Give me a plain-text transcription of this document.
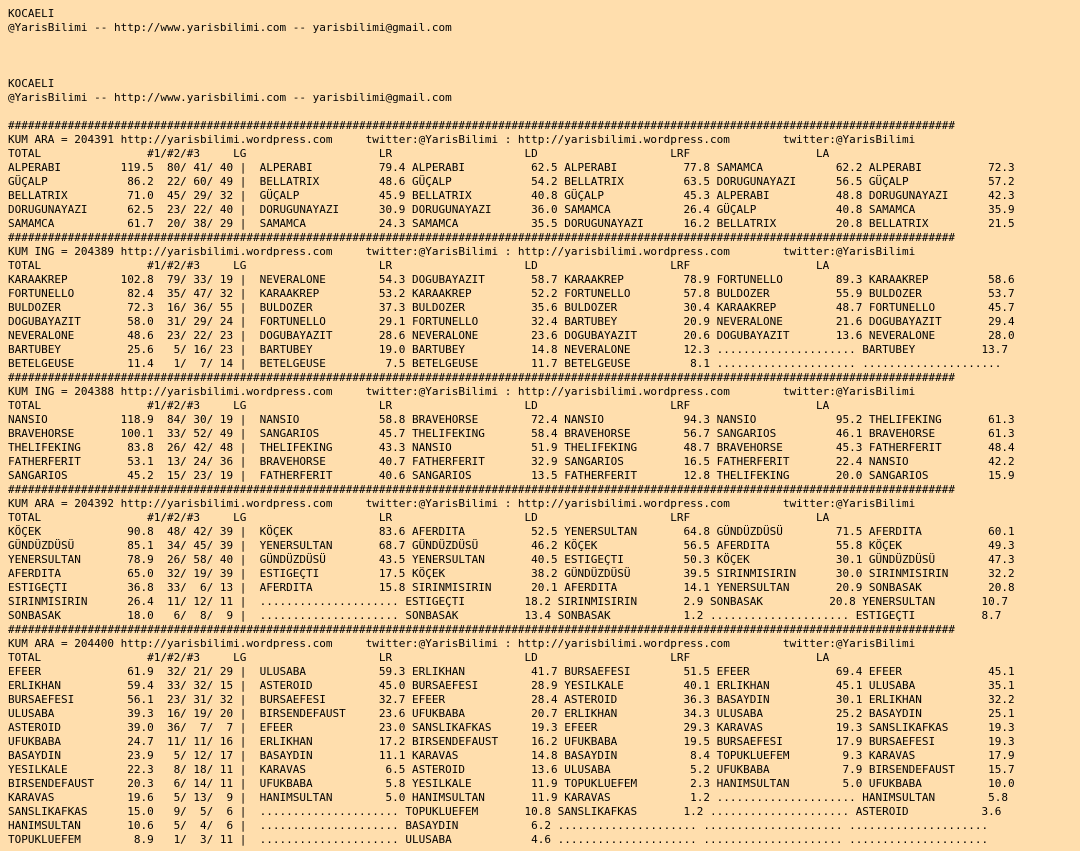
KOCAELI
@YarisBilimi -- http://www.yarisbilimi.com -- yarisbilimi@gmail.com
KOCAELI
@YarisBilimi -- http://www.yarisbilimi.com -- yarisbilimi@gmail.com
###############################################################################################################################################
KUM ARA = 204391 http://yarisbilimi.wordpress.com     twitter:@YarisBilimi : http://yarisbilimi.wordpress.com        twitter:@YarisBilimi
TOTAL                #1/#2/#3     LG                    LR                    LD                    LRF                   LA
ALPERABI         119.5  80/ 41/ 40 |  ALPERABI          79.4 ALPERABI          62.5 ALPERABI          77.8 SAMAMCA           62.2 ALPERABI          72.3
GÜÇALP            86.2  22/ 60/ 49 |  BELLATRIX         48.6 GÜÇALP            54.2 BELLATRIX         63.5 DORUGUNAYAZI      56.5 GÜÇALP            57.2
BELLATRIX         71.0  45/ 29/ 32 |  GÜÇALP            45.9 BELLATRIX         40.8 GÜÇALP            45.3 ALPERABI          48.8 DORUGUNAYAZI      42.3
DORUGUNAYAZI      62.5  23/ 22/ 40 |  DORUGUNAYAZI      30.9 DORUGUNAYAZI      36.0 SAMAMCA           26.4 GÜÇALP            40.8 SAMAMCA           35.9
SAMAMCA           61.7  20/ 38/ 29 |  SAMAMCA           24.3 SAMAMCA           35.5 DORUGUNAYAZI      16.2 BELLATRIX         20.8 BELLATRIX         21.5
###############################################################################################################################################
KUM ING = 204389 http://yarisbilimi.wordpress.com     twitter:@YarisBilimi : http://yarisbilimi.wordpress.com        twitter:@YarisBilimi
TOTAL                #1/#2/#3     LG                    LR                    LD                    LRF                   LA
KARAAKREP        102.8  79/ 33/ 19 |  NEVERALONE        54.3 DOGUBAYAZIT       58.7 KARAAKREP         78.9 FORTUNELLO        89.3 KARAAKREP         58.6
FORTUNELLO        82.4  35/ 47/ 32 |  KARAAKREP         53.2 KARAAKREP         52.2 FORTUNELLO        57.8 BULDOZER          55.9 BULDOZER          53.7
BULDOZER          72.3  16/ 36/ 55 |  BULDOZER          37.3 BULDOZER          35.6 BULDOZER          30.4 KARAAKREP         48.7 FORTUNELLO        45.7
DOGUBAYAZIT       58.0  31/ 29/ 24 |  FORTUNELLO        29.1 FORTUNELLO        32.4 BARTUBEY          20.9 NEVERALONE        21.6 DOGUBAYAZIT       29.4
NEVERALONE        48.6  23/ 22/ 23 |  DOGUBAYAZIT       28.6 NEVERALONE        23.6 DOGUBAYAZIT       20.6 DOGUBAYAZIT       13.6 NEVERALONE        28.0
BARTUBEY          25.6   5/ 16/ 23 |  BARTUBEY          19.0 BARTUBEY          14.8 NEVERALONE        12.3 ..................... BARTUBEY          13.7
BETELGEUSE        11.4   1/  7/ 14 |  BETELGEUSE         7.5 BETELGEUSE        11.7 BETELGEUSE         8.1 ..................... .....................
###############################################################################################################################################
KUM ING = 204388 http://yarisbilimi.wordpress.com     twitter:@YarisBilimi : http://yarisbilimi.wordpress.com        twitter:@YarisBilimi
TOTAL                #1/#2/#3     LG                    LR                    LD                    LRF                   LA
NANSIO           118.9  84/ 30/ 19 |  NANSIO            58.8 BRAVEHORSE        72.4 NANSIO            94.3 NANSIO            95.2 THELIFEKING       61.3
BRAVEHORSE       100.1  33/ 52/ 49 |  SANGARIOS         45.7 THELIFEKING       58.4 BRAVEHORSE        56.7 SANGARIOS         46.1 BRAVEHORSE        61.3
THELIFEKING       83.8  26/ 42/ 48 |  THELIFEKING       43.3 NANSIO            51.9 THELIFEKING       48.7 BRAVEHORSE        45.3 FATHERFERIT       48.4
FATHERFERIT       53.1  13/ 24/ 36 |  BRAVEHORSE        40.7 FATHERFERIT       32.9 SANGARIOS         16.5 FATHERFERIT       22.4 NANSIO            42.2
SANGARIOS         45.2  15/ 23/ 19 |  FATHERFERIT       40.6 SANGARIOS         13.5 FATHERFERIT       12.8 THELIFEKING       20.0 SANGARIOS         15.9
###############################################################################################################################################
KUM ARA = 204392 http://yarisbilimi.wordpress.com     twitter:@YarisBilimi : http://yarisbilimi.wordpress.com        twitter:@YarisBilimi
TOTAL                #1/#2/#3     LG                    LR                    LD                    LRF                   LA
KÖÇEK             90.8  48/ 42/ 39 |  KÖÇEK             83.6 AFERDITA          52.5 YENERSULTAN       64.8 GÜNDÜZDÜSÜ        71.5 AFERDITA          60.1
GÜNDÜZDÜSÜ        85.1  34/ 45/ 39 |  YENERSULTAN       68.7 GÜNDÜZDÜSÜ        46.2 KÖÇEK             56.5 AFERDITA          55.8 KÖÇEK             49.3
YENERSULTAN       78.9  26/ 58/ 40 |  GÜNDÜZDÜSÜ        43.5 YENERSULTAN       40.5 ESTIGEÇTI         50.3 KÖÇEK             30.1 GÜNDÜZDÜSÜ        47.3
AFERDITA          65.0  32/ 19/ 39 |  ESTIGEÇTI         17.5 KÖÇEK             38.2 GÜNDÜZDÜSÜ        39.5 SIRINMISIRIN      30.0 SIRINMISIRIN      32.2
ESTIGEÇTI         36.8  33/  6/ 13 |  AFERDITA          15.8 SIRINMISIRIN      20.1 AFERDITA          14.1 YENERSULTAN       20.9 SONBASAK          20.8
SIRINMISIRIN      26.4  11/ 12/ 11 |  ..................... ESTIGEÇTI         18.2 SIRINMISIRIN       2.9 SONBASAK          20.8 YENERSULTAN       10.7
SONBASAK          18.0   6/  8/  9 |  ..................... SONBASAK          13.4 SONBASAK           1.2 ..................... ESTIGEÇTI          8.7
###############################################################################################################################################
KUM ARA = 204400 http://yarisbilimi.wordpress.com     twitter:@YarisBilimi : http://yarisbilimi.wordpress.com        twitter:@YarisBilimi
TOTAL                #1/#2/#3     LG                    LR                    LD                    LRF                   LA
EFEER             61.9  32/ 21/ 29 |  ULUSABA           59.3 ERLIKHAN          41.7 BURSAEFESI        51.5 EFEER             69.4 EFEER             45.1
ERLIKHAN          59.4  33/ 32/ 15 |  ASTEROID          45.0 BURSAEFESI        28.9 YESILKALE         40.1 ERLIKHAN          45.1 ULUSABA           35.1
BURSAEFESI        56.1  23/ 31/ 32 |  BURSAEFESI        32.7 EFEER             28.4 ASTEROID          36.3 BASAYDIN          30.1 ERLIKHAN          32.2
ULUSABA           39.3  16/ 19/ 20 |  BIRSENDEFAUST     23.6 UFUKBABA          20.7 ERLIKHAN          34.3 ULUSABA           25.2 BASAYDIN          25.1
ASTEROID          39.0  36/  7/  7 |  EFEER             23.0 SANSLIKAFKAS      19.3 EFEER             29.3 KARAVAS           19.3 SANSLIKAFKAS      19.3
UFUKBABA          24.7  11/ 11/ 16 |  ERLIKHAN          17.2 BIRSENDEFAUST     16.2 UFUKBABA          19.5 BURSAEFESI        17.9 BURSAEFESI        19.3
BASAYDIN          23.9   5/ 12/ 17 |  BASAYDIN          11.1 KARAVAS           14.8 BASAYDIN           8.4 TOPUKLUEFEM        9.3 KARAVAS           17.9
YESILKALE         22.3   8/ 18/ 11 |  KARAVAS            6.5 ASTEROID          13.6 ULUSABA            5.2 UFUKBABA           7.9 BIRSENDEFAUST     15.7
BIRSENDEFAUST     20.3   6/ 14/ 11 |  UFUKBABA           5.8 YESILKALE         11.9 TOPUKLUEFEM        2.3 HANIMSULTAN        5.0 UFUKBABA          10.0
KARAVAS           19.6   5/ 13/  9 |  HANIMSULTAN        5.0 HANIMSULTAN       11.9 KARAVAS            1.2 ..................... HANIMSULTAN        5.8
SANSLIKAFKAS      15.0   9/  5/  6 |  ..................... TOPUKLUEFEM       10.8 SANSLIKAFKAS       1.2 ..................... ASTEROID           3.6
HANIMSULTAN       10.6   5/  4/  6 |  ..................... BASAYDIN           6.2 ..................... ..................... .....................
TOPUKLUEFEM        8.9   1/  3/ 11 |  ..................... ULUSABA            4.6 ..................... ..................... .....................
